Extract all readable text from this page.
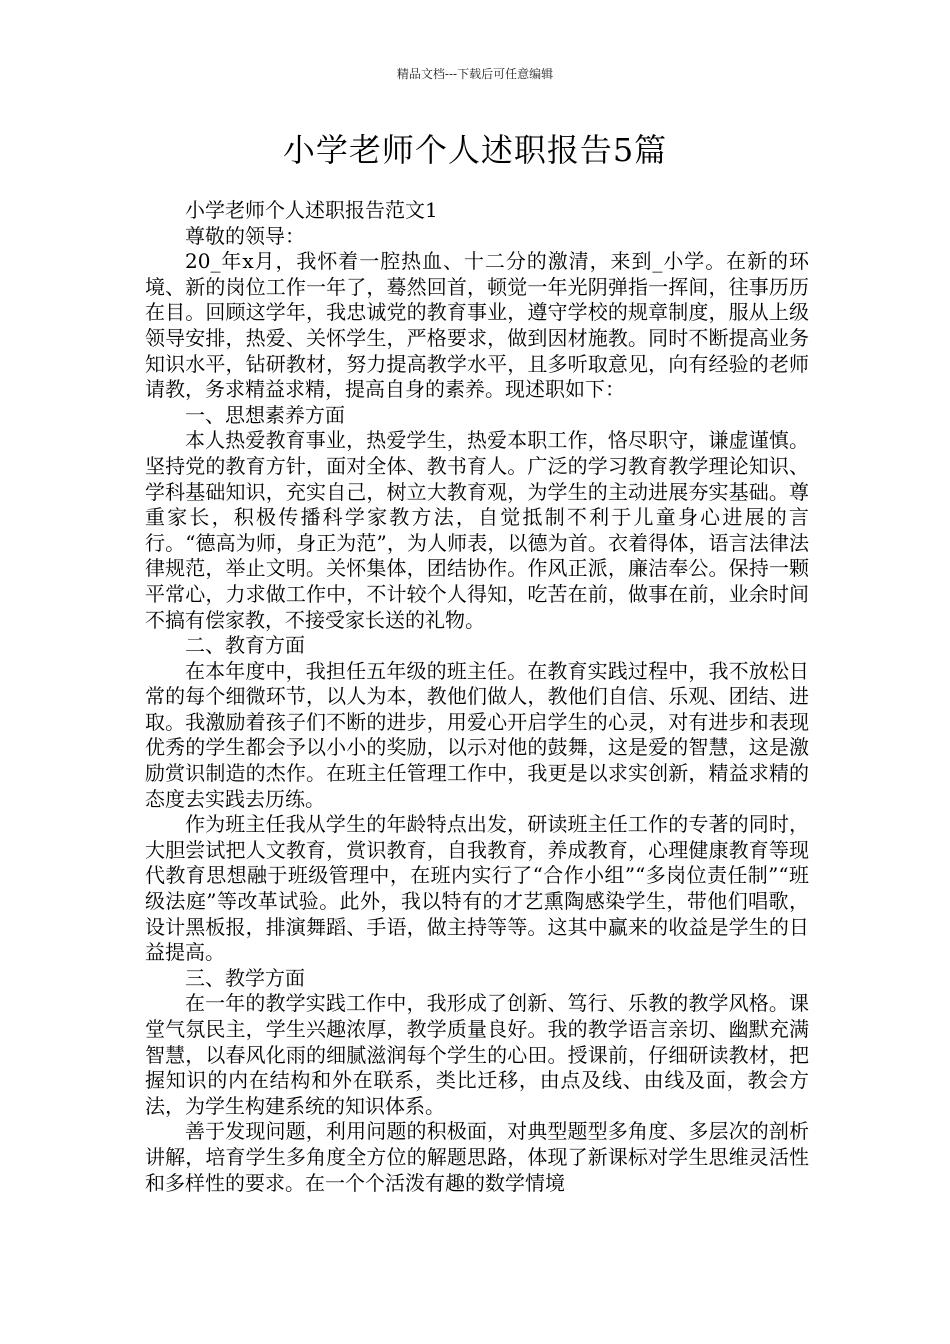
精品文档---下载后可任意编辑
小学老师个人述职报告5篇

小学老师个人述职报告范文1

尊敬的领导：

20_年x月，我怀着一腔热血、十二分的激清，来到_小学。在新的环境、新的岗位工作一年了，蓦然回首，顿觉一年光阴弹指一挥间，往事历历在目。回顾这学年，我忠诚党的教育事业，遵守学校的规章制度，服从上级领导安排，热爱、关怀学生，严格要求，做到因材施教。同时不断提高业务知识水平，钻研教材，努力提高教学水平，且多听取意见，向有经验的老师请教，务求精益求精，提高自身的素养。现述职如下：

一、思想素养方面

本人热爱教育事业，热爱学生，热爱本职工作，恪尽职守，谦虚谨慎。坚持党的教育方针，面对全体、教书育人。广泛的学习教育教学理论知识、学科基础知识，充实自己，树立大教育观，为学生的主动进展夯实基础。尊重家长，积极传播科学家教方法，自觉抵制不利于儿童身心进展的言行。“德高为师，身正为范”，为人师表，以德为首。衣着得体，语言法律法律规范，举止文明。关怀集体，团结协作。作风正派，廉洁奉公。保持一颗平常心，力求做工作中，不计较个人得知，吃苦在前，做事在前，业余时间不搞有偿家教，不接受家长送的礼物。

二、教育方面

在本年度中，我担任五年级的班主任。在教育实践过程中，我不放松日常的每个细微环节，以人为本，教他们做人，教他们自信、乐观、团结、进取。我激励着孩子们不断的进步，用爱心开启学生的心灵，对有进步和表现优秀的学生都会予以小小的奖励，以示对他的鼓舞，这是爱的智慧，这是激励赏识制造的杰作。在班主任管理工作中，我更是以求实创新，精益求精的态度去实践去历练。

作为班主任我从学生的年龄特点出发，研读班主任工作的专著的同时，大胆尝试把人文教育，赏识教育，自我教育，养成教育，心理健康教育等现代教育思想融于班级管理中，在班内实行了“合作小组”“多岗位责任制”“班级法庭”等改革试验。此外，我以特有的才艺熏陶感染学生，带他们唱歌，设计黑板报，排演舞蹈、手语，做主持等等。这其中赢来的收益是学生的日益提高。

三、教学方面

在一年的教学实践工作中，我形成了创新、笃行、乐教的教学风格。课堂气氛民主，学生兴趣浓厚，教学质量良好。我的教学语言亲切、幽默充满智慧，以春风化雨的细腻滋润每个学生的心田。授课前，仔细研读教材，把握知识的内在结构和外在联系，类比迁移，由点及线、由线及面，教会方法，为学生构建系统的知识体系。

善于发现问题，利用问题的积极面，对典型题型多角度、多层次的剖析讲解，培育学生多角度全方位的解题思路，体现了新课标对学生思维灵活性和多样性的要求。在一个个活泼有趣的数学情境
